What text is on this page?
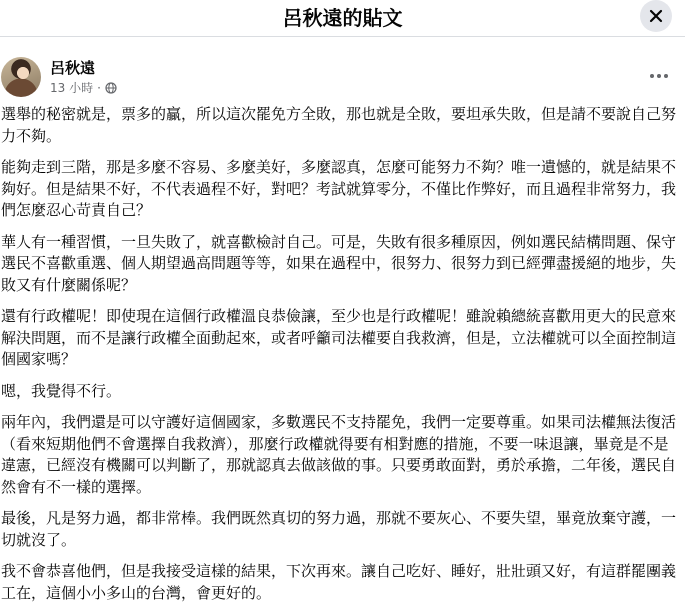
呂秋遠的貼文
呂秋遠
13 小時 ·

選舉的秘密就是，票多的贏，所以這次罷免方全敗，那也就是全敗，要坦承失敗，但是請不要說自己努力不夠。

能夠走到三階，那是多麼不容易、多麼美好，多麼認真，怎麼可能努力不夠？唯一遺憾的，就是結果不夠好。但是結果不好，不代表過程不好，對吧？考試就算零分，不僅比作弊好，而且過程非常努力，我們怎麼忍心苛責自己？

華人有一種習慣，一旦失敗了，就喜歡檢討自己。可是，失敗有很多種原因，例如選民結構問題、保守選民不喜歡重選、個人期望過高問題等等，如果在過程中，很努力、很努力到已經彈盡援絕的地步，失敗又有什麼關係呢？

還有行政權呢！即使現在這個行政權溫良恭儉讓，至少也是行政權呢！雖說賴總統喜歡用更大的民意來解決問題，而不是讓行政權全面動起來，或者呼籲司法權要自我救濟，但是，立法權就可以全面控制這個國家嗎？

嗯，我覺得不行。

兩年內，我們還是可以守護好這個國家，多數選民不支持罷免，我們一定要尊重。如果司法權無法復活（看來短期他們不會選擇自我救濟），那麼行政權就得要有相對應的措施，不要一味退讓，畢竟是不是違憲，已經沒有機關可以判斷了，那就認真去做該做的事。只要勇敢面對，勇於承擔，二年後，選民自然會有不一樣的選擇。

最後，凡是努力過，都非常棒。我們既然真切的努力過，那就不要灰心、不要失望，畢竟放棄守護，一切就沒了。

我不會恭喜他們，但是我接受這樣的結果，下次再來。讓自己吃好、睡好，壯壯頭又好，有這群罷團義工在，這個小小多山的台灣，會更好的。
